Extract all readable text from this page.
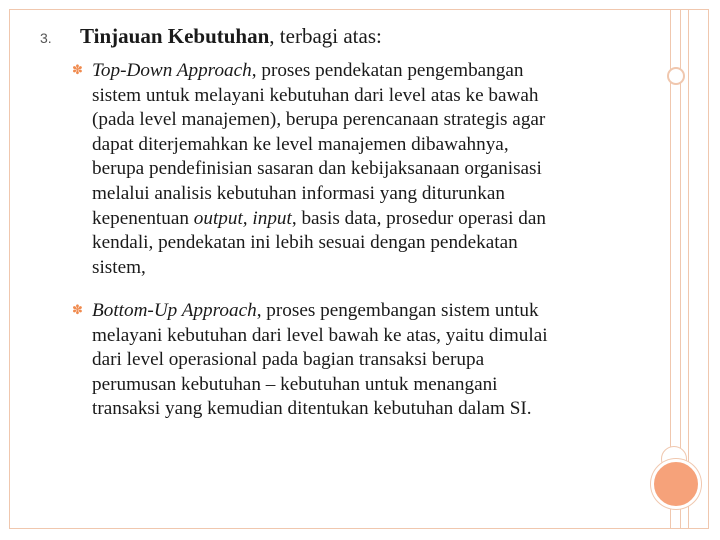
3. Tinjauan Kebutuhan, terbagi atas:
✽ Top-Down Approach, proses pendekatan pengembangan
sistem untuk melayani kebutuhan dari level atas ke bawah
(pada level manajemen), berupa perencanaan strategis agar
dapat diterjemahkan ke level manajemen dibawahnya,
berupa pendefinisian sasaran dan kebijaksanaan organisasi
melalui analisis kebutuhan informasi yang diturunkan
kepenentuan output, input, basis data, prosedur operasi dan
kendali, pendekatan ini lebih sesuai dengan pendekatan
sistem,
✽ Bottom-Up Approach, proses pengembangan sistem untuk
melayani kebutuhan dari level bawah ke atas, yaitu dimulai
dari level operasional pada bagian transaksi berupa
perumusan kebutuhan – kebutuhan untuk menangani
transaksi yang kemudian ditentukan kebutuhan dalam SI.
